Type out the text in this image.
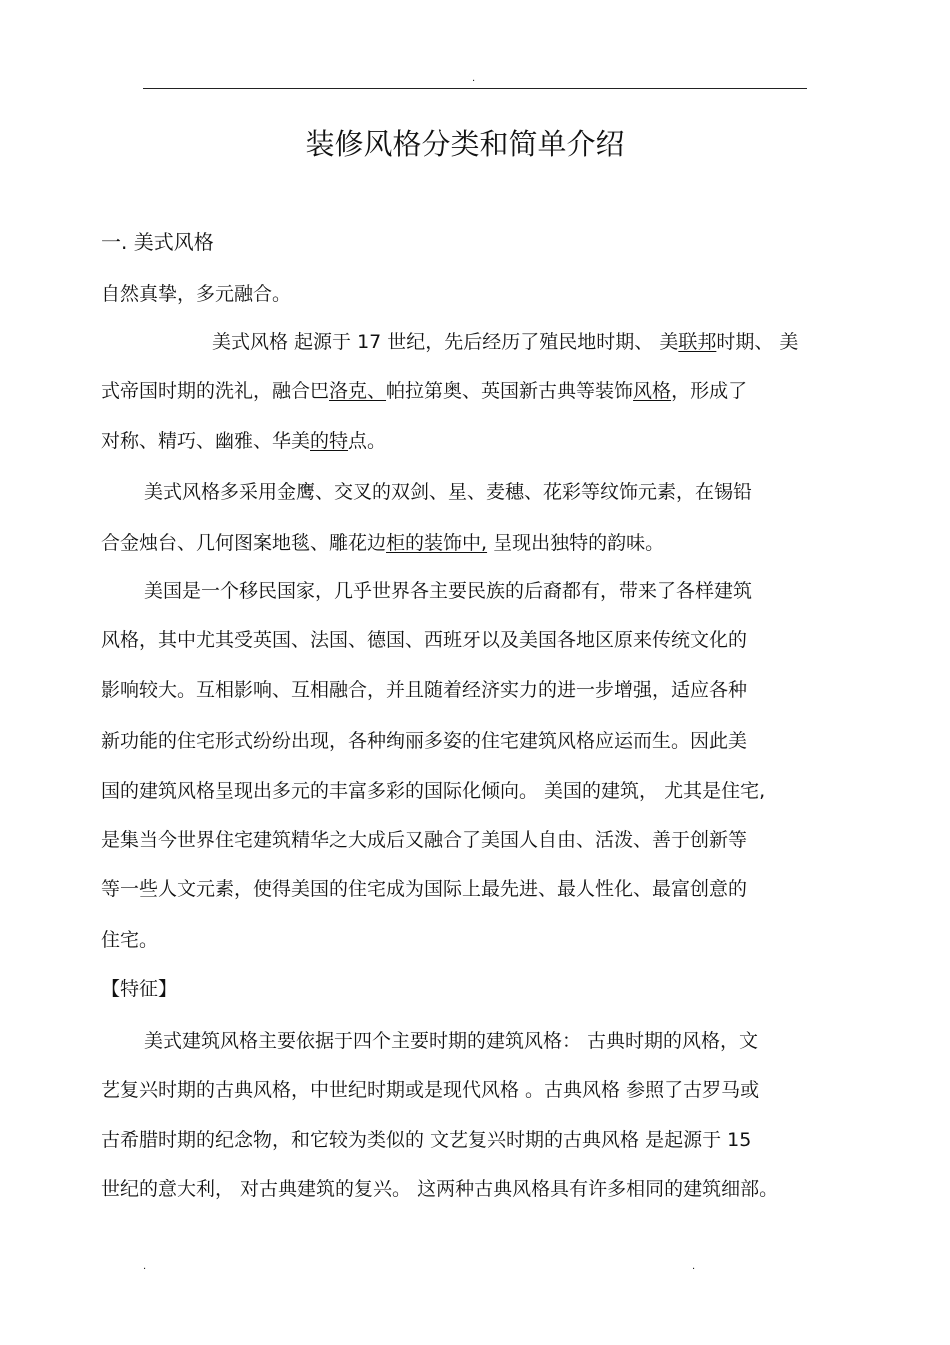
.
装修风格分类和简单介绍
一. 美式风格
自然真挚，多元融合。
美式风格 起源于 17 世纪，先后经历了殖民地时期、 美联邦时期、 美
式帝国时期的洗礼，融合巴洛克、帕拉第奥、英国新古典等装饰风格，形成了
对称、精巧、幽雅、华美的特点。
美式风格多采用金鹰、交叉的双剑、星、麦穗、花彩等纹饰元素，在锡铅
合金烛台、几何图案地毯、雕花边柜的装饰中, 呈现出独特的韵味。
美国是一个移民国家，几乎世界各主要民族的后裔都有，带来了各样建筑
风格，其中尤其受英国、法国、德国、西班牙以及美国各地区原来传统文化的
影响较大。互相影响、互相融合，并且随着经济实力的进一步增强，适应各种
新功能的住宅形式纷纷出现，各种绚丽多姿的住宅建筑风格应运而生。因此美
国的建筑风格呈现出多元的丰富多彩的国际化倾向。 美国的建筑， 尤其是住宅,
是集当今世界住宅建筑精华之大成后又融合了美国人自由、活泼、善于创新等
等一些人文元素，使得美国的住宅成为国际上最先进、最人性化、最富创意的
住宅。
【特征】
美式建筑风格主要依据于四个主要时期的建筑风格： 古典时期的风格，文
艺复兴时期的古典风格，中世纪时期或是现代风格 。古典风格 参照了古罗马或
古希腊时期的纪念物，和它较为类似的 文艺复兴时期的古典风格 是起源于 15
世纪的意大利， 对古典建筑的复兴。 这两种古典风格具有许多相同的建筑细部。
.	.
